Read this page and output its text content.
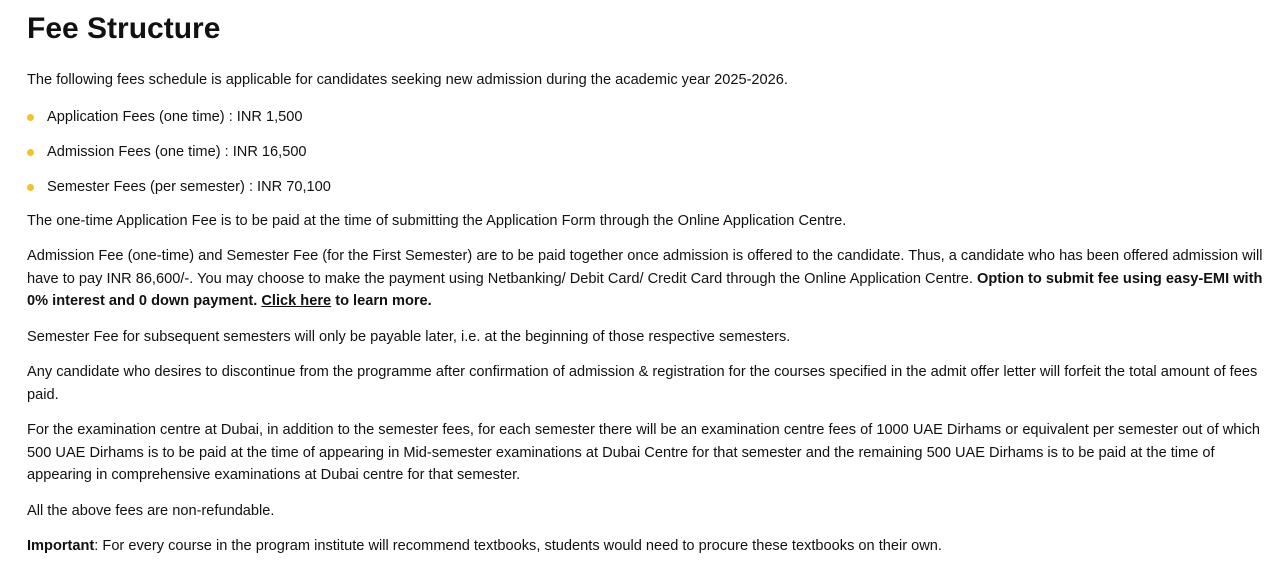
Fee Structure

The following fees schedule is applicable for candidates seeking new admission during the academic year 2025-2026.

Application Fees (one time) : INR 1,500
Admission Fees (one time) : INR 16,500
Semester Fees (per semester) : INR 70,100

The one-time Application Fee is to be paid at the time of submitting the Application Form through the Online Application Centre.

Admission Fee (one-time) and Semester Fee (for the First Semester) are to be paid together once admission is offered to the candidate. Thus, a candidate who has been offered admission will have to pay INR 86,600/-. You may choose to make the payment using Netbanking/ Debit Card/ Credit Card through the Online Application Centre. Option to submit fee using easy-EMI with 0% interest and 0 down payment. Click here to learn more.

Semester Fee for subsequent semesters will only be payable later, i.e. at the beginning of those respective semesters.

Any candidate who desires to discontinue from the programme after confirmation of admission & registration for the courses specified in the admit offer letter will forfeit the total amount of fees paid.

For the examination centre at Dubai, in addition to the semester fees, for each semester there will be an examination centre fees of 1000 UAE Dirhams or equivalent per semester out of which 500 UAE Dirhams is to be paid at the time of appearing in Mid-semester examinations at Dubai Centre for that semester and the remaining 500 UAE Dirhams is to be paid at the time of appearing in comprehensive examinations at Dubai centre for that semester.

All the above fees are non-refundable.

Important: For every course in the program institute will recommend textbooks, students would need to procure these textbooks on their own.
